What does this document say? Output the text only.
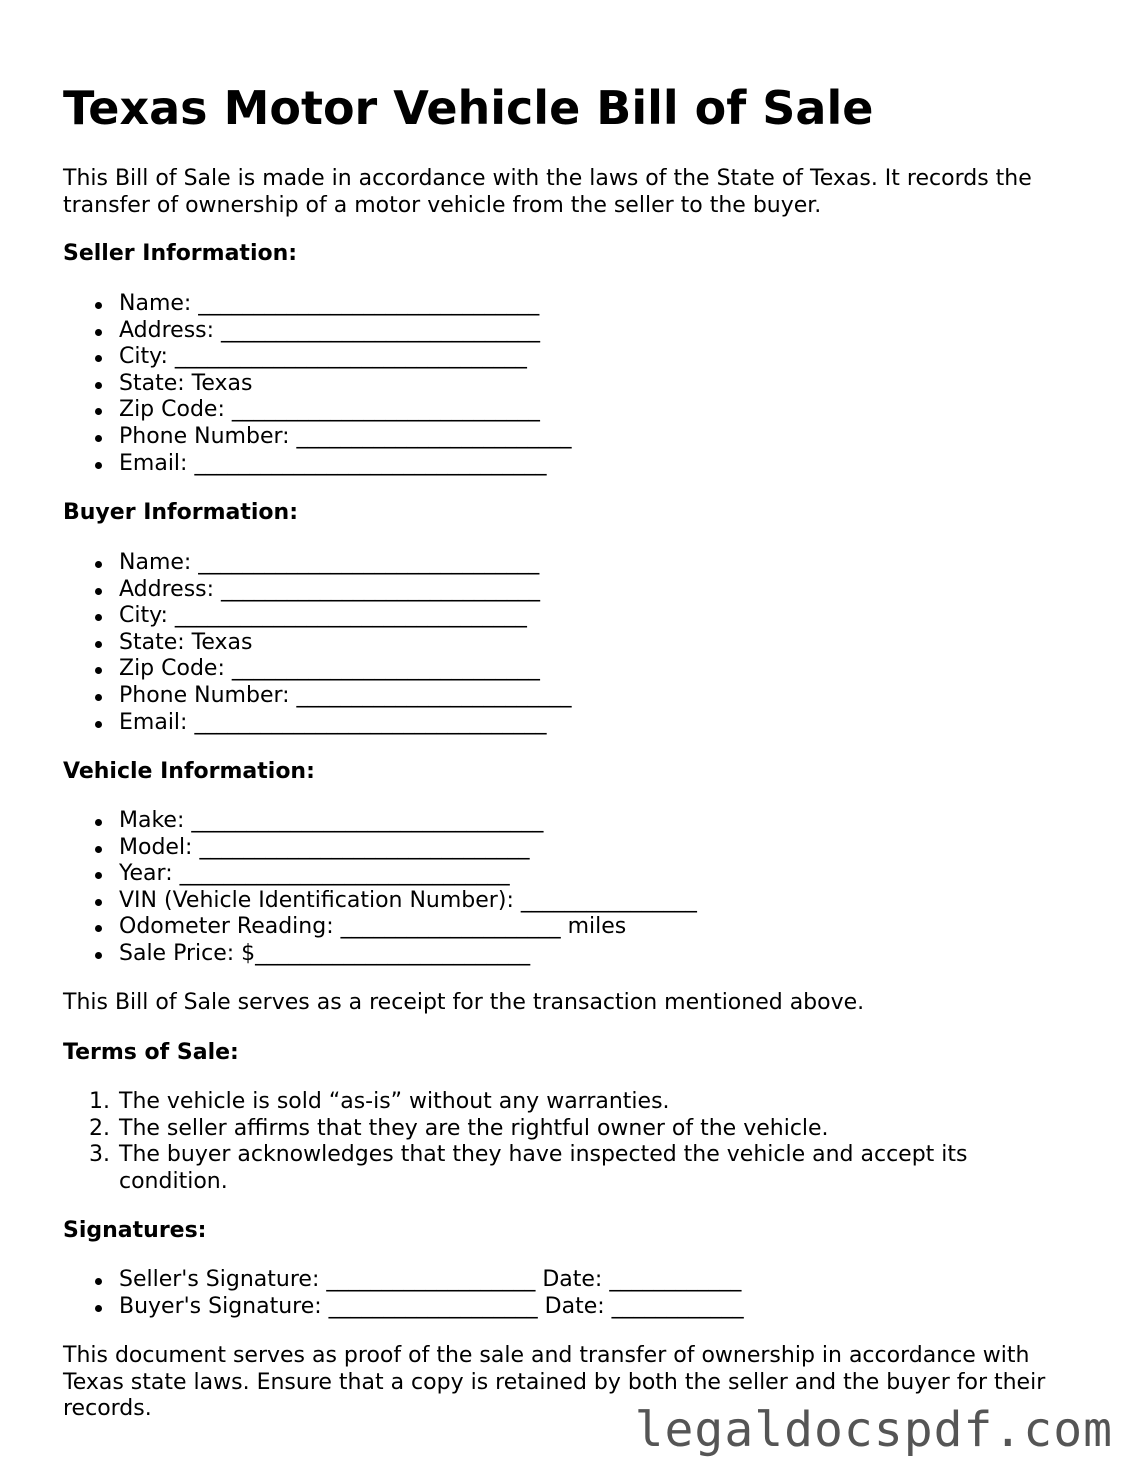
Texas Motor Vehicle Bill of Sale

This Bill of Sale is made in accordance with the laws of the State of Texas. It records the transfer of ownership of a motor vehicle from the seller to the buyer.

Seller Information:
Name: _______________________________
Address: _____________________________
City: ________________________________
State: Texas
Zip Code: ____________________________
Phone Number: _________________________
Email: ________________________________
Buyer Information:
Name: _______________________________
Address: _____________________________
City: ________________________________
State: Texas
Zip Code: ____________________________
Phone Number: _________________________
Email: ________________________________
Vehicle Information:
Make: ________________________________
Model: ______________________________
Year: ______________________________
VIN (Vehicle Identification Number): ________________
Odometer Reading: ____________________ miles
Sale Price: $_________________________

This Bill of Sale serves as a receipt for the transaction mentioned above.

Terms of Sale:
1. The vehicle is sold “as-is” without any warranties.
2. The seller affirms that they are the rightful owner of the vehicle.
3. The buyer acknowledges that they have inspected the vehicle and accept its condition.
Signatures:
Seller's Signature: ___________________ Date: ____________
Buyer's Signature: ___________________ Date: ____________

This document serves as proof of the sale and transfer of ownership in accordance with Texas state laws. Ensure that a copy is retained by both the seller and the buyer for their records.	legaldocspdf.com
